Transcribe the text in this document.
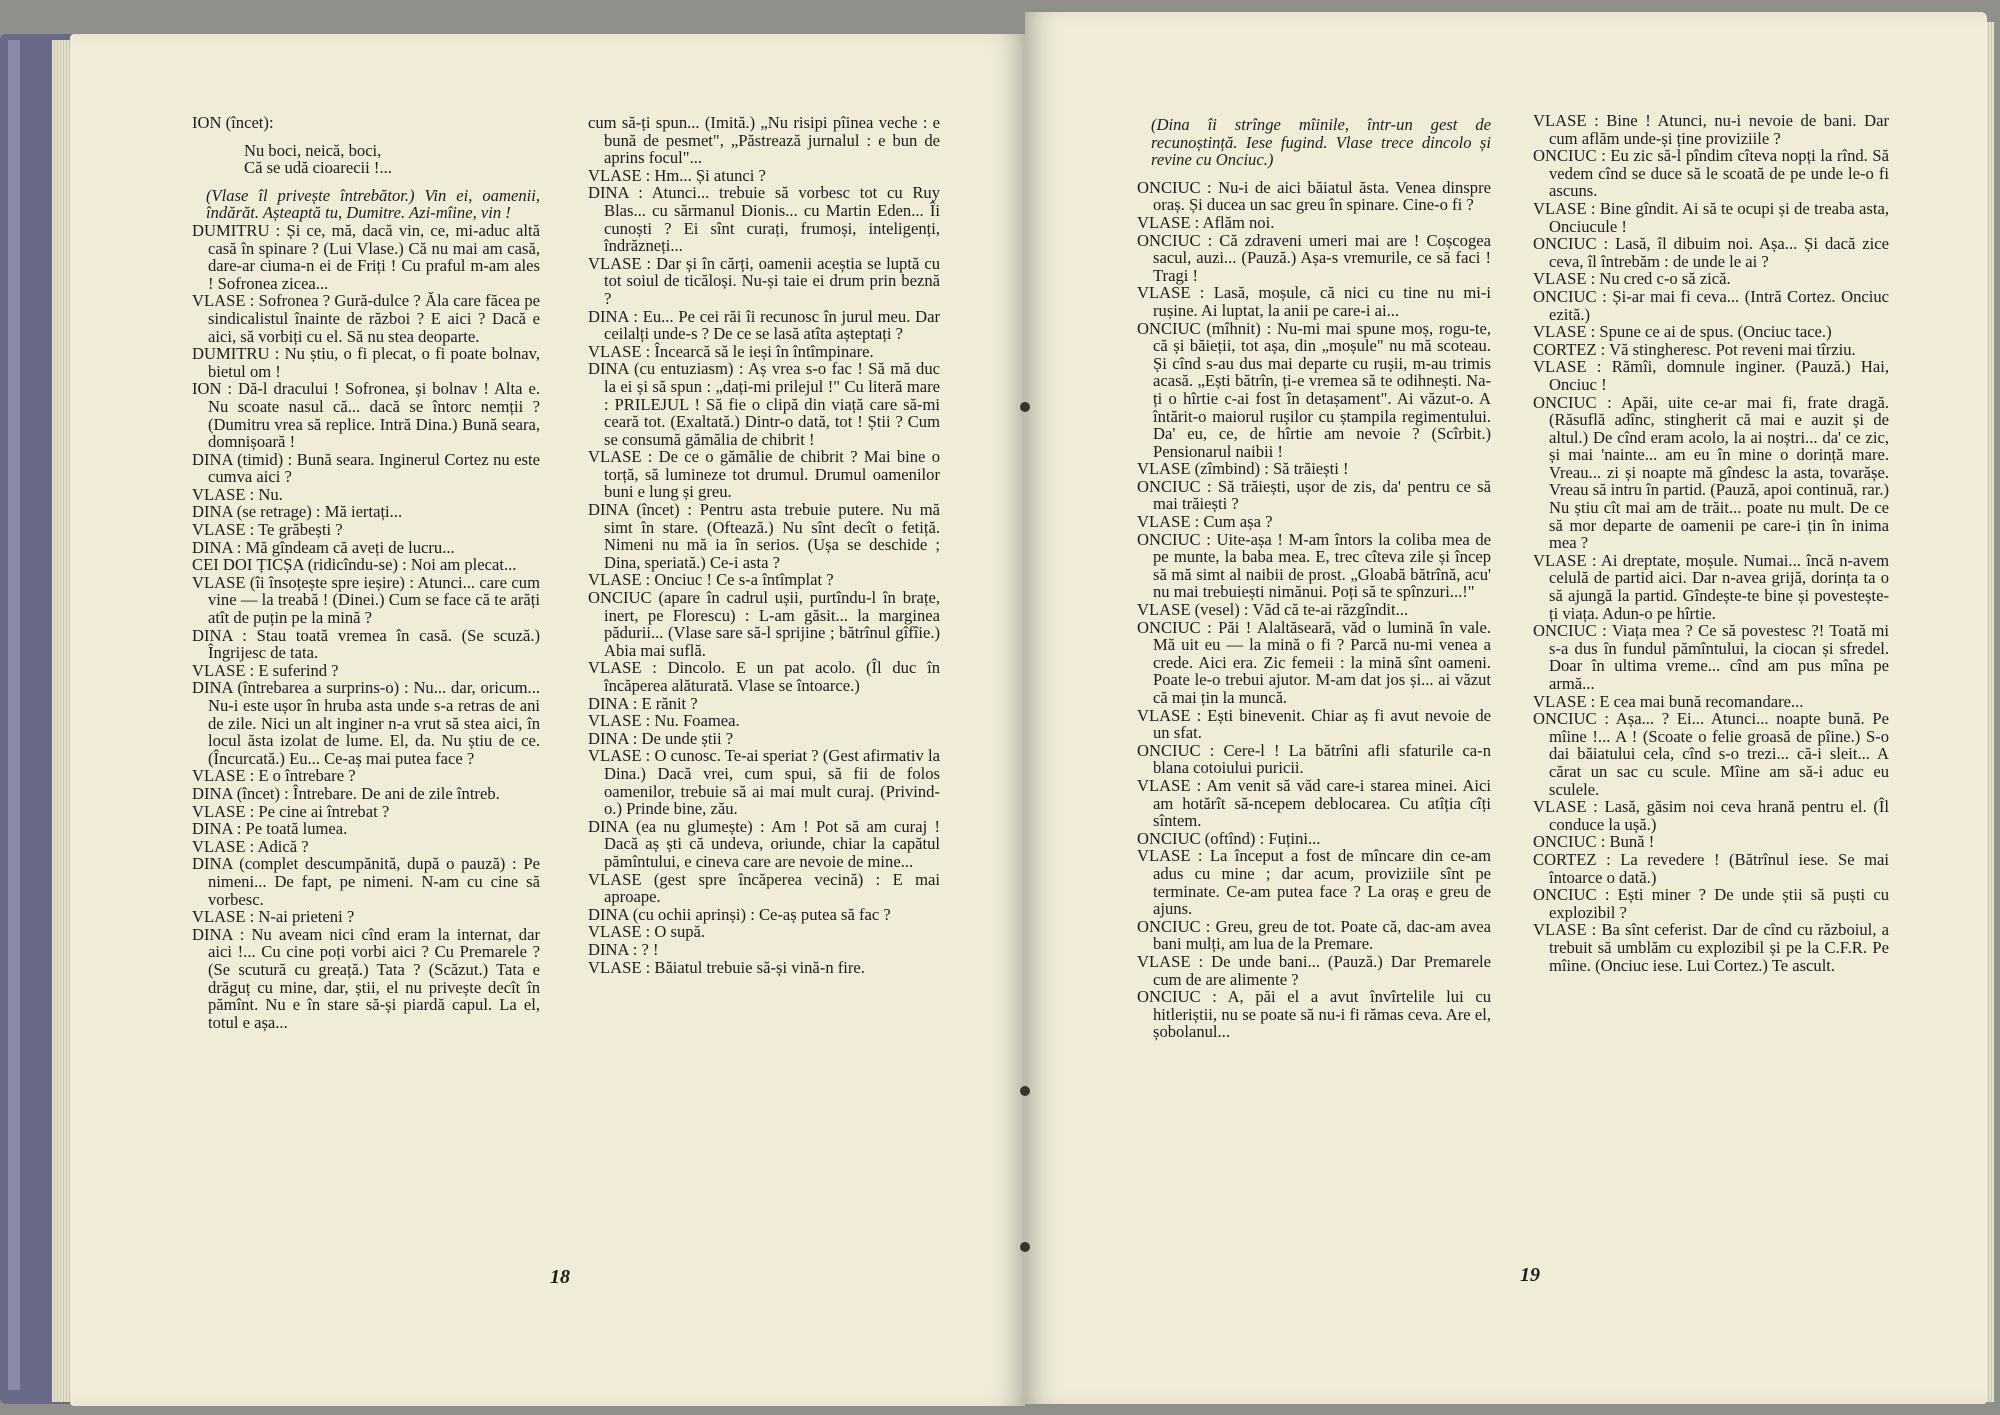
ION (încet):

Nu boci, neică, boci,

Că se udă cioarecii !...

(Vlase îl privește întrebător.) Vin ei, oamenii, îndărăt. Așteaptă tu, Dumitre. Azi-mîine, vin !

DUMITRU : Și ce, mă, dacă vin, ce, mi-aduc altă casă în spinare ? (Lui Vlase.) Că nu mai am casă, dare-ar ciuma-n ei de Friți ! Cu praful m-am ales ! Sofronea zicea...

VLASE : Sofronea ? Gură-dulce ? Ăla care făcea pe sindicalistul înainte de război ? E aici ? Dacă e aici, să vorbiți cu el. Să nu stea deoparte.

DUMITRU : Nu știu, o fi plecat, o fi poate bolnav, bietul om !

ION : Dă-l dracului ! Sofronea, și bolnav ! Alta e. Nu scoate nasul că... dacă se întorc nemții ? (Dumitru vrea să replice. Intră Dina.) Bună seara, domnișoară !

DINA (timid) : Bună seara. Inginerul Cortez nu este cumva aici ?

VLASE : Nu.

DINA (se retrage) : Mă iertați...

VLASE : Te grăbești ?

DINA : Mă gîndeam că aveți de lucru...

CEI DOI ȚICȘA (ridicîndu-se) : Noi am plecat...

VLASE (îi însoțește spre ieșire) : Atunci... care cum vine — la treabă ! (Dinei.) Cum se face că te arăți atît de puțin pe la mină ?

DINA : Stau toată vremea în casă. (Se scuză.) Îngrijesc de tata.

VLASE : E suferind ?

DINA (întrebarea a surprins-o) : Nu... dar, oricum... Nu-i este ușor în hruba asta unde s-a retras de ani de zile. Nici un alt inginer n-a vrut să stea aici, în locul ăsta izolat de lume. El, da. Nu știu de ce. (Încurcată.) Eu... Ce-aș mai putea face ?

VLASE : E o întrebare ?

DINA (încet) : Întrebare. De ani de zile întreb.

VLASE : Pe cine ai întrebat ?

DINA : Pe toată lumea.

VLASE : Adică ?

DINA (complet descumpănită, după o pauză) : Pe nimeni... De fapt, pe nimeni. N-am cu cine să vorbesc.

VLASE : N-ai prieteni ?

DINA : Nu aveam nici cînd eram la internat, dar aici !... Cu cine poți vorbi aici ? Cu Premarele ? (Se scutură cu greață.) Tata ? (Scăzut.) Tata e drăguț cu mine, dar, știi, el nu privește decît în pămînt. Nu e în stare să-și piardă capul. La el, totul e așa...

cum să-ți spun... (Imită.) „Nu risipi pîinea veche : e bună de pesmet", „Păstrează jurnalul : e bun de aprins focul"...

VLASE : Hm... Și atunci ?

DINA : Atunci... trebuie să vorbesc tot cu Ruy Blas... cu sărmanul Dionis... cu Martin Eden... Îi cunoști ? Ei sînt curați, frumoși, inteligenți, îndrăzneți...

VLASE : Dar și în cărți, oamenii aceștia se luptă cu tot soiul de ticăloși. Nu-și taie ei drum prin beznă ?

DINA : Eu... Pe cei răi îi recunosc în jurul meu. Dar ceilalți unde-s ? De ce se lasă atîta așteptați ?

VLASE : Încearcă să le ieși în întîmpinare.

DINA (cu entuziasm) : Aș vrea s-o fac ! Să mă duc la ei și să spun : „dați-mi prilejul !" Cu literă mare : PRILEJUL ! Să fie o clipă din viață care să-mi ceară tot. (Exaltată.) Dintr-o dată, tot ! Știi ? Cum se consumă gămălia de chibrit !

VLASE : De ce o gămălie de chibrit ? Mai bine o torță, să lumineze tot drumul. Drumul oamenilor buni e lung și greu.

DINA (încet) : Pentru asta trebuie putere. Nu mă simt în stare. (Oftează.) Nu sînt decît o fetiță. Nimeni nu mă ia în serios. (Ușa se deschide ; Dina, speriată.) Ce-i asta ?

VLASE : Onciuc ! Ce s-a întîmplat ?

ONCIUC (apare în cadrul ușii, purtîndu-l în brațe, inert, pe Florescu) : L-am găsit... la marginea pădurii... (Vlase sare să-l sprijine ; bătrînul gîfîie.) Abia mai suflă.

VLASE : Dincolo. E un pat acolo. (Îl duc în încăperea alăturată. Vlase se întoarce.)

DINA : E rănit ?

VLASE : Nu. Foamea.

DINA : De unde știi ?

VLASE : O cunosc. Te-ai speriat ? (Gest afirmativ la Dina.) Dacă vrei, cum spui, să fii de folos oamenilor, trebuie să ai mai mult curaj. (Privind-o.) Prinde bine, zău.

DINA (ea nu glumește) : Am ! Pot să am curaj ! Dacă aș ști că undeva, oriunde, chiar la capătul pămîntului, e cineva care are nevoie de mine...

VLASE (gest spre încăperea vecină) : E mai aproape.

DINA (cu ochii aprinși) : Ce-aș putea să fac ?

VLASE : O supă.

DINA : ? !

VLASE : Băiatul trebuie să-și vină-n fire.

18

(Dina îi strînge mîinile, într-un gest de recunoștință. Iese fugind. Vlase trece dincolo și revine cu Onciuc.)

ONCIUC : Nu-i de aici băiatul ăsta. Venea dinspre oraș. Și ducea un sac greu în spinare. Cine-o fi ?

VLASE : Aflăm noi.

ONCIUC : Că zdraveni umeri mai are ! Coșcogea sacul, auzi... (Pauză.) Așa-s vremurile, ce să faci ! Tragi !

VLASE : Lasă, moșule, că nici cu tine nu mi-i rușine. Ai luptat, la anii pe care-i ai...

ONCIUC (mîhnit) : Nu-mi mai spune moș, rogu-te, că și băieții, tot așa, din „moșule" nu mă scoteau. Și cînd s-au dus mai departe cu rușii, m-au trimis acasă. „Ești bătrîn, ți-e vremea să te odihnești. Na-ți o hîrtie c-ai fost în detașament". Ai văzut-o. A întărit-o maiorul rușilor cu ștampila regimentului. Da' eu, ce, de hîrtie am nevoie ? (Scîrbit.) Pensionarul naibii !

VLASE (zîmbind) : Să trăiești !

ONCIUC : Să trăiești, ușor de zis, da' pentru ce să mai trăiești ?

VLASE : Cum așa ?

ONCIUC : Uite-așa ! M-am întors la coliba mea de pe munte, la baba mea. E, trec cîteva zile și încep să mă simt al naibii de prost. „Gloabă bătrînă, acu' nu mai trebuiești nimănui. Poți să te spînzuri...!"

VLASE (vesel) : Văd că te-ai răzgîndit...

ONCIUC : Păi ! Alaltăseară, văd o lumină în vale. Mă uit eu — la mină o fi ? Parcă nu-mi venea a crede. Aici era. Zic femeii : la mină sînt oameni. Poate le-o trebui ajutor. M-am dat jos și... ai văzut că mai țin la muncă.

VLASE : Ești binevenit. Chiar aș fi avut nevoie de un sfat.

ONCIUC : Cere-l ! La bătrîni afli sfaturile ca-n blana cotoiului puricii.

VLASE : Am venit să văd care-i starea minei. Aici am hotărît să-ncepem deblocarea. Cu atîția cîți sîntem.

ONCIUC (oftînd) : Fuțini...

VLASE : La început a fost de mîncare din ce-am adus cu mine ; dar acum, proviziile sînt pe terminate. Ce-am putea face ? La oraș e greu de ajuns.

ONCIUC : Greu, greu de tot. Poate că, dac-am avea bani mulți, am lua de la Premare.

VLASE : De unde bani... (Pauză.) Dar Premarele cum de are alimente ?

ONCIUC : A, păi el a avut învîrtelile lui cu hitleriștii, nu se poate să nu-i fi rămas ceva. Are el, șobolanul...

VLASE : Bine ! Atunci, nu-i nevoie de bani. Dar cum aflăm unde-și ține proviziile ?

ONCIUC : Eu zic să-l pîndim cîteva nopți la rînd. Să vedem cînd se duce să le scoată de pe unde le-o fi ascuns.

VLASE : Bine gîndit. Ai să te ocupi și de treaba asta, Onciucule !

ONCIUC : Lasă, îl dibuim noi. Așa... Și dacă zice ceva, îl întrebăm : de unde le ai ?

VLASE : Nu cred c-o să zică.

ONCIUC : Și-ar mai fi ceva... (Intră Cortez. Onciuc ezită.)

VLASE : Spune ce ai de spus. (Onciuc tace.)

CORTEZ : Vă stingheresc. Pot reveni mai tîrziu.

VLASE : Rămîi, domnule inginer. (Pauză.) Hai, Onciuc !

ONCIUC : Apăi, uite ce-ar mai fi, frate dragă. (Răsuflă adînc, stingherit că mai e auzit și de altul.) De cînd eram acolo, la ai noștri... da' ce zic, și mai 'nainte... am eu în mine o dorință mare. Vreau... zi și noapte mă gîndesc la asta, tovarășe. Vreau să intru în partid. (Pauză, apoi continuă, rar.) Nu știu cît mai am de trăit... poate nu mult. De ce să mor departe de oamenii pe care-i țin în inima mea ?

VLASE : Ai dreptate, moșule. Numai... încă n-avem celulă de partid aici. Dar n-avea grijă, dorința ta o să ajungă la partid. Gîndește-te bine și povestește-ți viața. Adun-o pe hîrtie.

ONCIUC : Viața mea ? Ce să povestesc ?! Toată mi s-a dus în fundul pămîntului, la ciocan și sfredel. Doar în ultima vreme... cînd am pus mîna pe armă...

VLASE : E cea mai bună recomandare...

ONCIUC : Așa... ? Ei... Atunci... noapte bună. Pe mîine !... A ! (Scoate o felie groasă de pîine.) S-o dai băiatului cela, cînd s-o trezi... că-i sleit... A cărat un sac cu scule. Mîine am să-i aduc eu sculele.

VLASE : Lasă, găsim noi ceva hrană pentru el. (Îl conduce la ușă.)

ONCIUC : Bună !

CORTEZ : La revedere ! (Bătrînul iese. Se mai întoarce o dată.)

ONCIUC : Ești miner ? De unde știi să puști cu explozibil ?

VLASE : Ba sînt ceferist. Dar de cînd cu războiul, a trebuit să umblăm cu explozibil și pe la C.F.R. Pe mîine. (Onciuc iese. Lui Cortez.) Te ascult.

19
